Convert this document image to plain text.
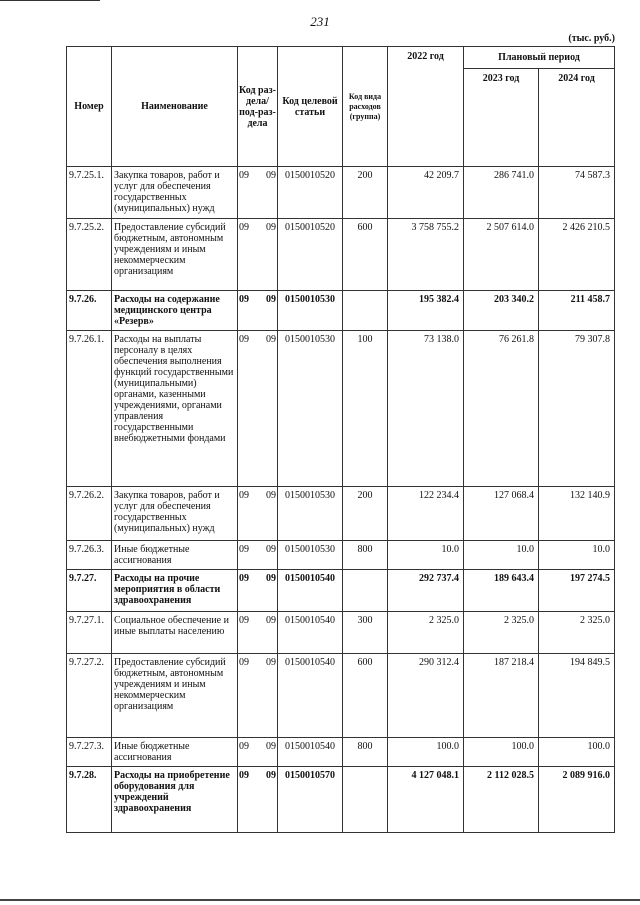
231
(тыс. руб.)
Номер	Наименование	Код раз-дела/ под-раз-дела	Код целевой статьи	Код вида расходов (группа)	2022 год	Плановый период	
						2023 год	2024 год
9.7.25.1.	Закупка товаров, работ и услуг для обеспечения государственных (муниципальных) нужд	09 09	0150010520	200	42 209.7	286 741.0	74 587.3
9.7.25.2.	Предоставление субсидий бюджетным, автономным учреждениям и иным некоммерческим организациям	09 09	0150010520	600	3 758 755.2	2 507 614.0	2 426 210.5
9.7.26.	Расходы на содержание медицинского центра «Резерв»	09 09	0150010530		195 382.4	203 340.2	211 458.7
9.7.26.1.	Расходы на выплаты персоналу в целях обеспечения выполнения функций государственными (муниципальными) органами, казенными учреждениями, органами управления государственными внебюджетными фондами	09 09	0150010530	100	73 138.0	76 261.8	79 307.8
9.7.26.2.	Закупка товаров, работ и услуг для обеспечения государственных (муниципальных) нужд	09 09	0150010530	200	122 234.4	127 068.4	132 140.9
9.7.26.3.	Иные бюджетные ассигнования	09 09	0150010530	800	10.0	10.0	10.0
9.7.27.	Расходы на прочие мероприятия в области здравоохранения	09 09	0150010540		292 737.4	189 643.4	197 274.5
9.7.27.1.	Социальное обеспечение и иные выплаты населению	09 09	0150010540	300	2 325.0	2 325.0	2 325.0
9.7.27.2.	Предоставление субсидий бюджетным, автономным учреждениям и иным некоммерческим организациям	09 09	0150010540	600	290 312.4	187 218.4	194 849.5
9.7.27.3.	Иные бюджетные ассигнования	09 09	0150010540	800	100.0	100.0	100.0
9.7.28.	Расходы на приобретение оборудования для учреждений здравоохранения	09 09	0150010570		4 127 048.1	2 112 028.5	2 089 916.0
